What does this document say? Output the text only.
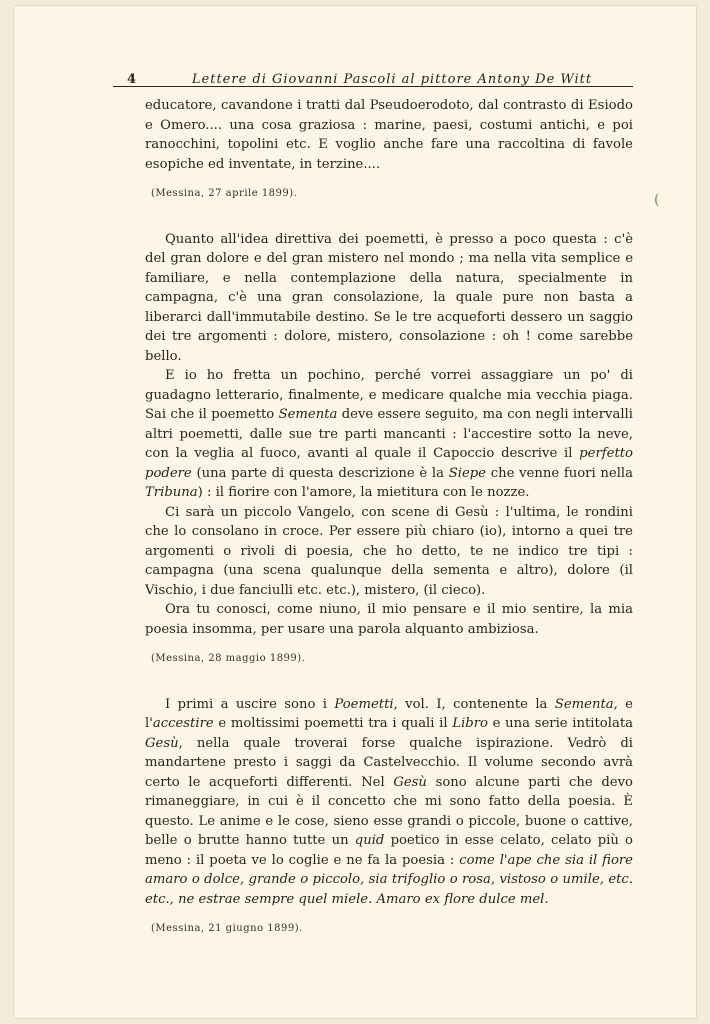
4	Lettere di Giovanni Pascoli al pittore Antony De Witt
(

educatore, cavandone i tratti dal Pseudoerodoto, dal contrasto di Esiodo e Omero.... una cosa graziosa : marine, paesi, costumi antichi, e poi ranocchini, topolini etc. E voglio anche fare una raccoltina di favole esopiche ed inventate, in terzine....

(Messina, 27 aprile 1899).

Quanto all'idea direttiva dei poemetti, è presso a poco questa : c'è del gran dolore e del gran mistero nel mondo ; ma nella vita semplice e familiare, e nella contemplazione della natura, specialmente in campagna, c'è una gran consolazione, la quale pure non basta a liberarci dall'immutabile destino. Se le tre acqueforti dessero un saggio dei tre argomenti : dolore, mistero, consolazione : oh ! come sarebbe bello.

E io ho fretta un pochino, perché vorrei assaggiare un po' di guadagno letterario, finalmente, e medicare qualche mia vecchia piaga. Sai che il poemetto Sementa deve essere seguito, ma con negli intervalli altri poemetti, dalle sue tre parti mancanti : l'accestire sotto la neve, con la veglia al fuoco, avanti al quale il Capoccio descrive il perfetto podere (una parte di questa descrizione è la Siepe che venne fuori nella Tribuna) : il fiorire con l'amore, la mietitura con le nozze.

Ci sarà un piccolo Vangelo, con scene di Gesù : l'ultima, le rondini che lo consolano in croce. Per essere più chiaro (io), intorno a quei tre argomenti o rivoli di poesia, che ho detto, te ne indico tre tipi : campagna (una scena qualunque della sementa e altro), dolore (il Vischio, i due fanciulli etc. etc.), mistero, (il cieco).

Ora tu conosci, come niuno, il mio pensare e il mio sentire, la mia poesia insomma, per usare una parola alquanto ambiziosa.

(Messina, 28 maggio 1899).

I primi a uscire sono i Poemetti, vol. I, contenente la Sementa, e l'accestire e moltissimi poemetti tra i quali il Libro e una serie intitolata Gesù, nella quale troverai forse qualche ispirazione. Vedrò di mandartene presto i saggi da Castelvecchio. Il volume secondo avrà certo le acqueforti differenti. Nel Gesù sono alcune parti che devo rimaneggiare, in cui è il concetto che mi sono fatto della poesia. È questo. Le anime e le cose, sieno esse grandi o piccole, buone o cattive, belle o brutte hanno tutte un quid poetico in esse celato, celato più o meno : il poeta ve lo coglie e ne fa la poesia : come l'ape che sia il fiore amaro o dolce, grande o piccolo, sia trifoglio o rosa, vistoso o umile, etc. etc., ne estrae sempre quel miele. Amaro ex flore dulce mel.

(Messina, 21 giugno 1899).
